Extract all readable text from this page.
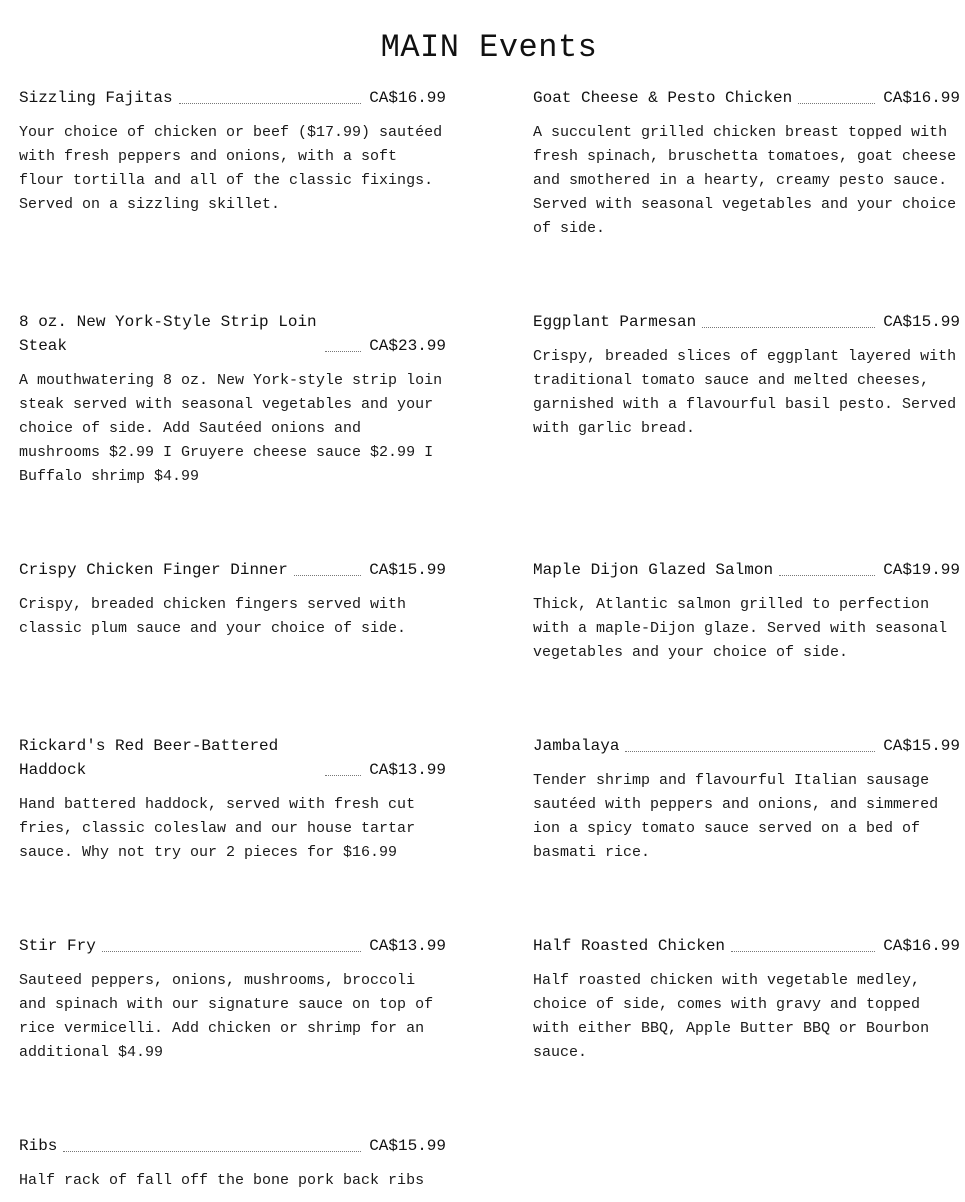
MAIN Events
Sizzling Fajitas	CA$16.99

Your choice of chicken or beef ($17.99) sautéed with fresh peppers and onions, with a soft flour tortilla and all of the classic fixings. Served on a sizzling skillet.

Goat Cheese & Pesto Chicken	CA$16.99

A succulent grilled chicken breast topped with fresh spinach, bruschetta tomatoes, goat cheese and smothered in a hearty, creamy pesto sauce. Served with seasonal vegetables and your choice of side.

8 oz. New York-Style Strip Loin Steak	CA$23.99

A mouthwatering 8 oz. New York-style strip loin steak served with seasonal vegetables and your choice of side. Add Sautéed onions and mushrooms $2.99 I Gruyere cheese sauce $2.99 I Buffalo shrimp $4.99

Eggplant Parmesan	CA$15.99

Crispy, breaded slices of eggplant layered with traditional tomato sauce and melted cheeses, garnished with a flavourful basil pesto. Served with garlic bread.

Crispy Chicken Finger Dinner	CA$15.99

Crispy, breaded chicken fingers served with classic plum sauce and your choice of side.

Maple Dijon Glazed Salmon	CA$19.99

Thick, Atlantic salmon grilled to perfection with a maple-Dijon glaze. Served with seasonal vegetables and your choice of side.

Rickard's Red Beer-Battered Haddock	CA$13.99

Hand battered haddock, served with fresh cut fries, classic coleslaw and our house tartar sauce. Why not try our 2 pieces for $16.99

Jambalaya	CA$15.99

Tender shrimp and flavourful Italian sausage sautéed with peppers and onions, and simmered ion a spicy tomato sauce served on a bed of basmati rice.

Stir Fry	CA$13.99

Sauteed peppers, onions, mushrooms, broccoli and spinach with our signature sauce on top of rice vermicelli. Add chicken or shrimp for an additional $4.99

Half Roasted Chicken	CA$16.99

Half roasted chicken with vegetable medley, choice of side, comes with gravy and topped with either BBQ, Apple Butter BBQ or Bourbon sauce.

Ribs	CA$15.99

Half rack of fall off the bone pork back ribs
